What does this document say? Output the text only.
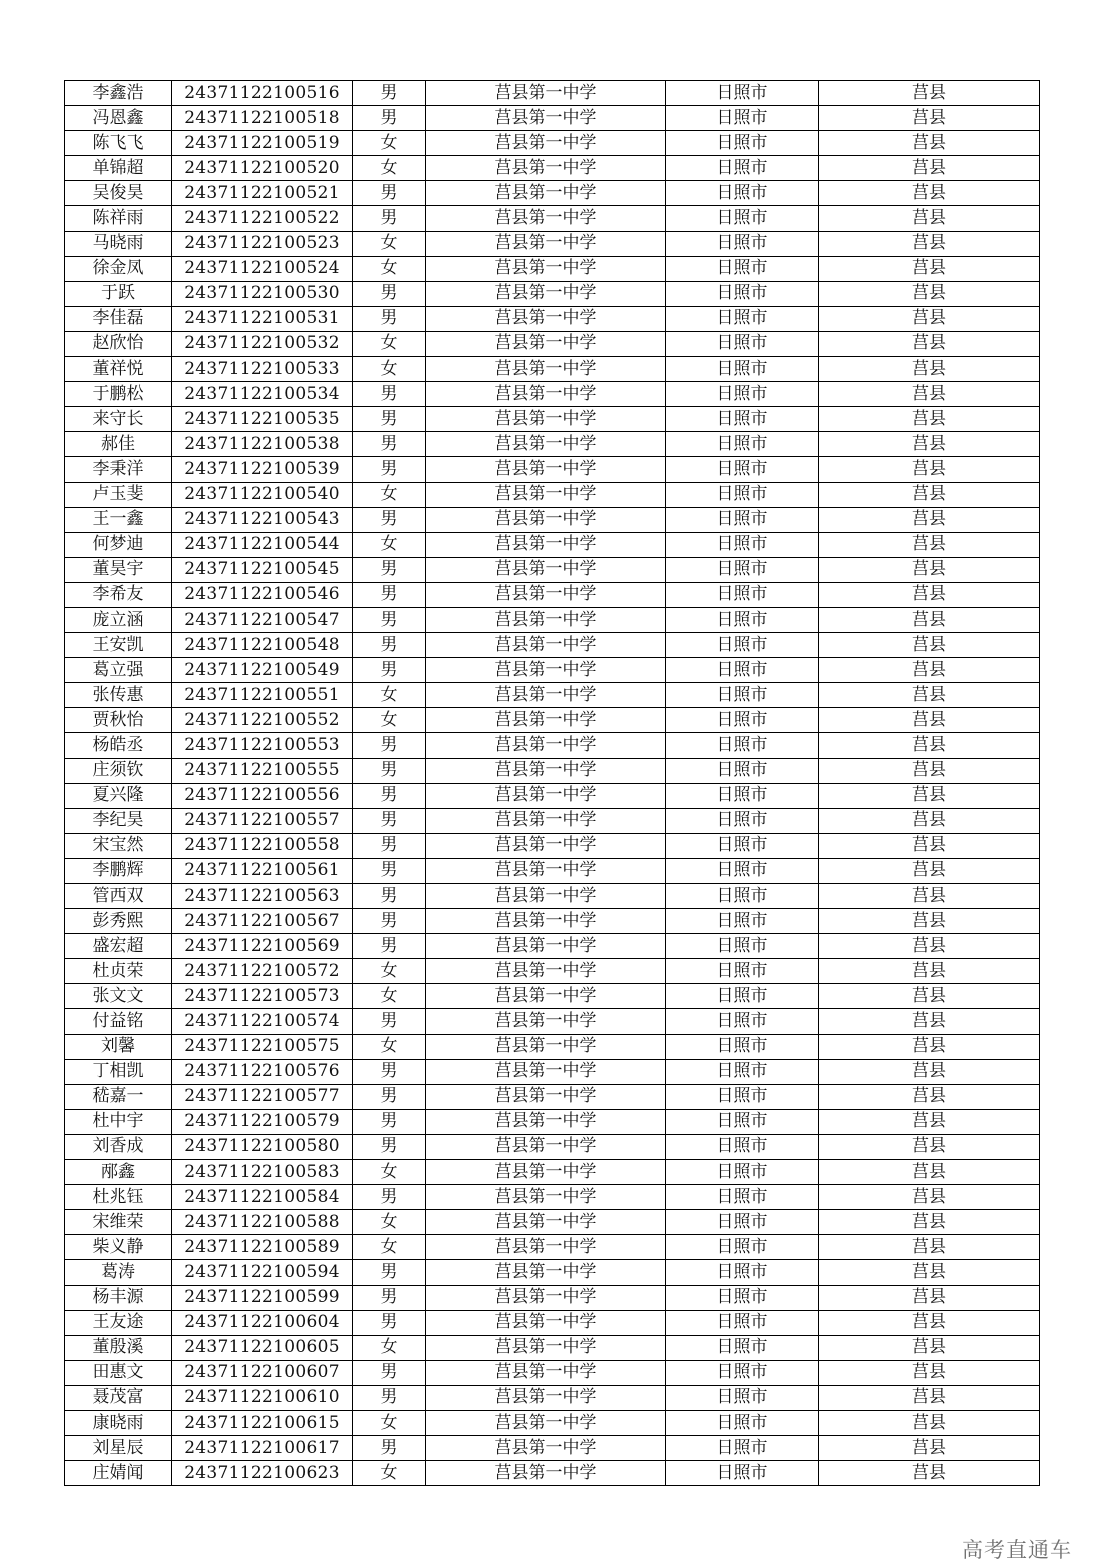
李鑫浩	24371122100516	男	莒县第一中学	日照市	莒县
冯恩鑫	24371122100518	男	莒县第一中学	日照市	莒县
陈飞飞	24371122100519	女	莒县第一中学	日照市	莒县
单锦超	24371122100520	女	莒县第一中学	日照市	莒县
吴俊昊	24371122100521	男	莒县第一中学	日照市	莒县
陈祥雨	24371122100522	男	莒县第一中学	日照市	莒县
马晓雨	24371122100523	女	莒县第一中学	日照市	莒县
徐金凤	24371122100524	女	莒县第一中学	日照市	莒县
于跃	24371122100530	男	莒县第一中学	日照市	莒县
李佳磊	24371122100531	男	莒县第一中学	日照市	莒县
赵欣怡	24371122100532	女	莒县第一中学	日照市	莒县
董祥悦	24371122100533	女	莒县第一中学	日照市	莒县
于鹏松	24371122100534	男	莒县第一中学	日照市	莒县
来守长	24371122100535	男	莒县第一中学	日照市	莒县
郝佳	24371122100538	男	莒县第一中学	日照市	莒县
李秉洋	24371122100539	男	莒县第一中学	日照市	莒县
卢玉斐	24371122100540	女	莒县第一中学	日照市	莒县
王一鑫	24371122100543	男	莒县第一中学	日照市	莒县
何梦迪	24371122100544	女	莒县第一中学	日照市	莒县
董昊宇	24371122100545	男	莒县第一中学	日照市	莒县
李希友	24371122100546	男	莒县第一中学	日照市	莒县
庞立涵	24371122100547	男	莒县第一中学	日照市	莒县
王安凯	24371122100548	男	莒县第一中学	日照市	莒县
葛立强	24371122100549	男	莒县第一中学	日照市	莒县
张传惠	24371122100551	女	莒县第一中学	日照市	莒县
贾秋怡	24371122100552	女	莒县第一中学	日照市	莒县
杨皓丞	24371122100553	男	莒县第一中学	日照市	莒县
庄须钦	24371122100555	男	莒县第一中学	日照市	莒县
夏兴隆	24371122100556	男	莒县第一中学	日照市	莒县
李纪昊	24371122100557	男	莒县第一中学	日照市	莒县
宋宝然	24371122100558	男	莒县第一中学	日照市	莒县
李鹏辉	24371122100561	男	莒县第一中学	日照市	莒县
管西双	24371122100563	男	莒县第一中学	日照市	莒县
彭秀熙	24371122100567	男	莒县第一中学	日照市	莒县
盛宏超	24371122100569	男	莒县第一中学	日照市	莒县
杜贞荣	24371122100572	女	莒县第一中学	日照市	莒县
张文文	24371122100573	女	莒县第一中学	日照市	莒县
付益铭	24371122100574	男	莒县第一中学	日照市	莒县
刘馨	24371122100575	女	莒县第一中学	日照市	莒县
丁相凯	24371122100576	男	莒县第一中学	日照市	莒县
嵇嘉一	24371122100577	男	莒县第一中学	日照市	莒县
杜中宇	24371122100579	男	莒县第一中学	日照市	莒县
刘香成	24371122100580	男	莒县第一中学	日照市	莒县
邴鑫	24371122100583	女	莒县第一中学	日照市	莒县
杜兆钰	24371122100584	男	莒县第一中学	日照市	莒县
宋维荣	24371122100588	女	莒县第一中学	日照市	莒县
柴义静	24371122100589	女	莒县第一中学	日照市	莒县
葛涛	24371122100594	男	莒县第一中学	日照市	莒县
杨丰源	24371122100599	男	莒县第一中学	日照市	莒县
王友途	24371122100604	男	莒县第一中学	日照市	莒县
董殷溪	24371122100605	女	莒县第一中学	日照市	莒县
田惠文	24371122100607	男	莒县第一中学	日照市	莒县
聂茂富	24371122100610	男	莒县第一中学	日照市	莒县
康晓雨	24371122100615	女	莒县第一中学	日照市	莒县
刘星辰	24371122100617	男	莒县第一中学	日照市	莒县
庄婧闻	24371122100623	女	莒县第一中学	日照市	莒县
高考直通车
